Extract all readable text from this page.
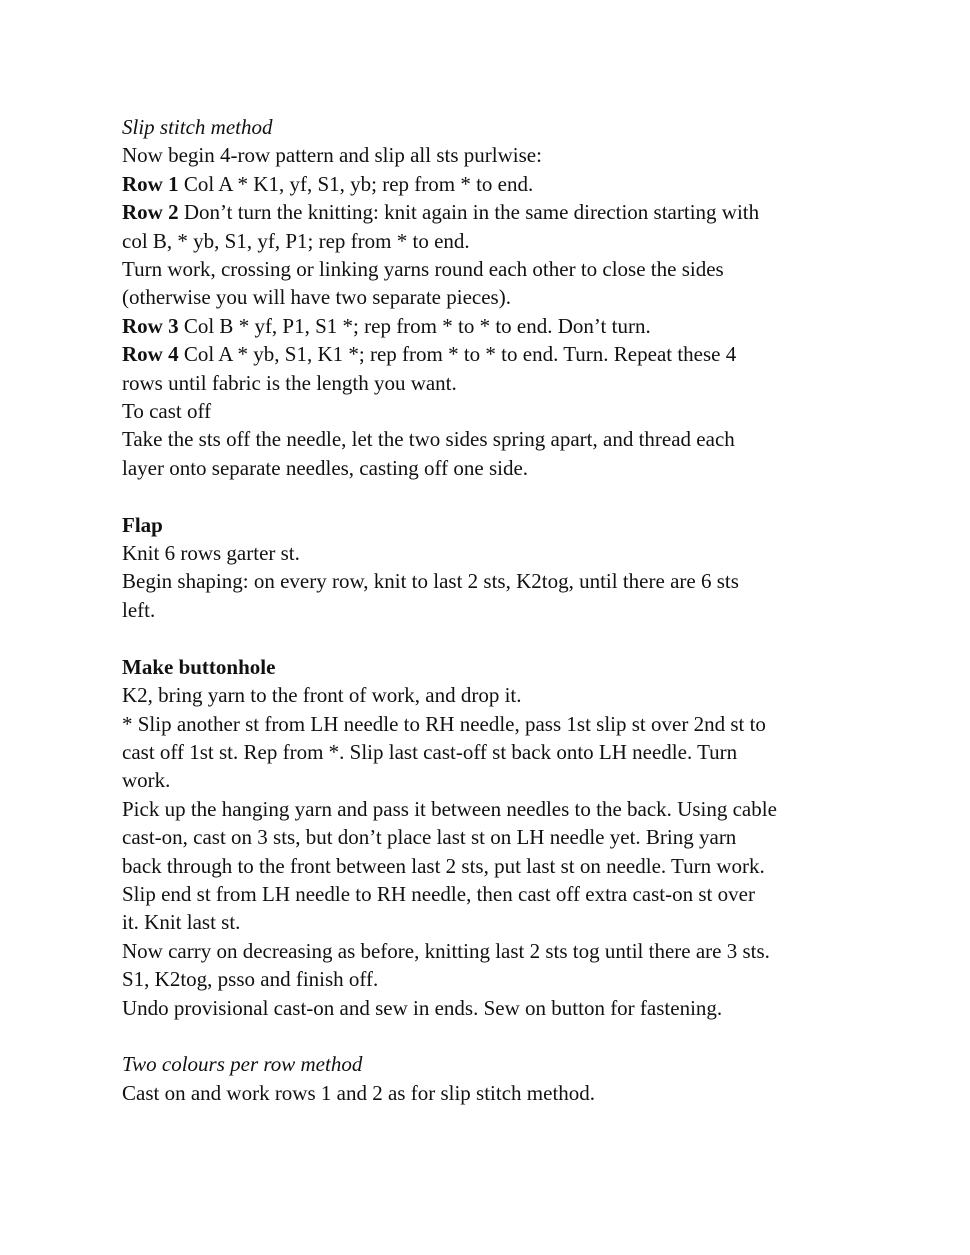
Slip stitch method

Now begin 4-row pattern and slip all sts purlwise:

Row 1 Col A * K1, yf, S1, yb; rep from * to end.

Row 2 Don’t turn the knitting: knit again in the same direction starting with

col B, * yb, S1, yf, P1; rep from * to end.

Turn work, crossing or linking yarns round each other to close the sides

(otherwise you will have two separate pieces).

Row 3 Col B * yf, P1, S1 *; rep from * to * to end. Don’t turn.

Row 4 Col A * yb, S1, K1 *; rep from * to * to end. Turn. Repeat these 4

rows until fabric is the length you want.

To cast off

Take the sts off the needle, let the two sides spring apart, and thread each

layer onto separate needles, casting off one side.

Flap

Knit 6 rows garter st.

Begin shaping: on every row, knit to last 2 sts, K2tog, until there are 6 sts

left.

Make buttonhole

K2, bring yarn to the front of work, and drop it.

* Slip another st from LH needle to RH needle, pass 1st slip st over 2nd st to

cast off 1st st. Rep from *. Slip last cast-off st back onto LH needle. Turn

work.

Pick up the hanging yarn and pass it between needles to the back. Using cable

cast-on, cast on 3 sts, but don’t place last st on LH needle yet. Bring yarn

back through to the front between last 2 sts, put last st on needle. Turn work.

Slip end st from LH needle to RH needle, then cast off extra cast-on st over

it. Knit last st.

Now carry on decreasing as before, knitting last 2 sts tog until there are 3 sts.

S1, K2tog, psso and finish off.

Undo provisional cast-on and sew in ends. Sew on button for fastening.

Two colours per row method

Cast on and work rows 1 and 2 as for slip stitch method.
